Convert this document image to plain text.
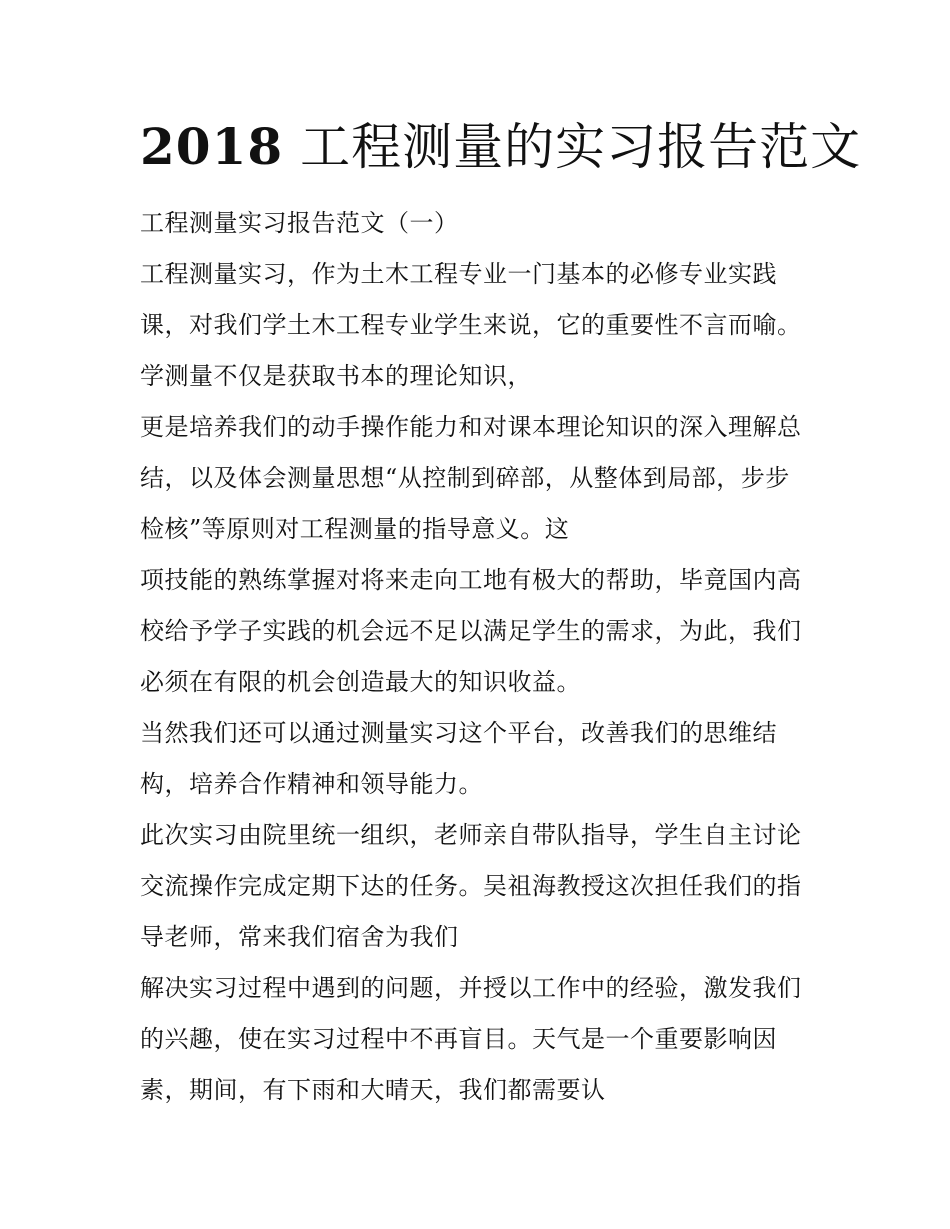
2018 工程测量的实习报告范文
工程测量实习报告范文（一）
工程测量实习，作为土木工程专业一门基本的必修专业实践
课，对我们学土木工程专业学生来说，它的重要性不言而喻。
学测量不仅是获取书本的理论知识，
更是培养我们的动手操作能力和对课本理论知识的深入理解总
结，以及体会测量思想“从控制到碎部，从整体到局部，步步
检核”等原则对工程测量的指导意义。这
项技能的熟练掌握对将来走向工地有极大的帮助，毕竟国内高
校给予学子实践的机会远不足以满足学生的需求，为此，我们
必须在有限的机会创造最大的知识收益。
当然我们还可以通过测量实习这个平台，改善我们的思维结
构，培养合作精神和领导能力。
此次实习由院里统一组织，老师亲自带队指导，学生自主讨论
交流操作完成定期下达的任务。吴祖海教授这次担任我们的指
导老师，常来我们宿舍为我们
解决实习过程中遇到的问题，并授以工作中的经验，激发我们
的兴趣，使在实习过程中不再盲目。天气是一个重要影响因
素，期间，有下雨和大晴天，我们都需要认
